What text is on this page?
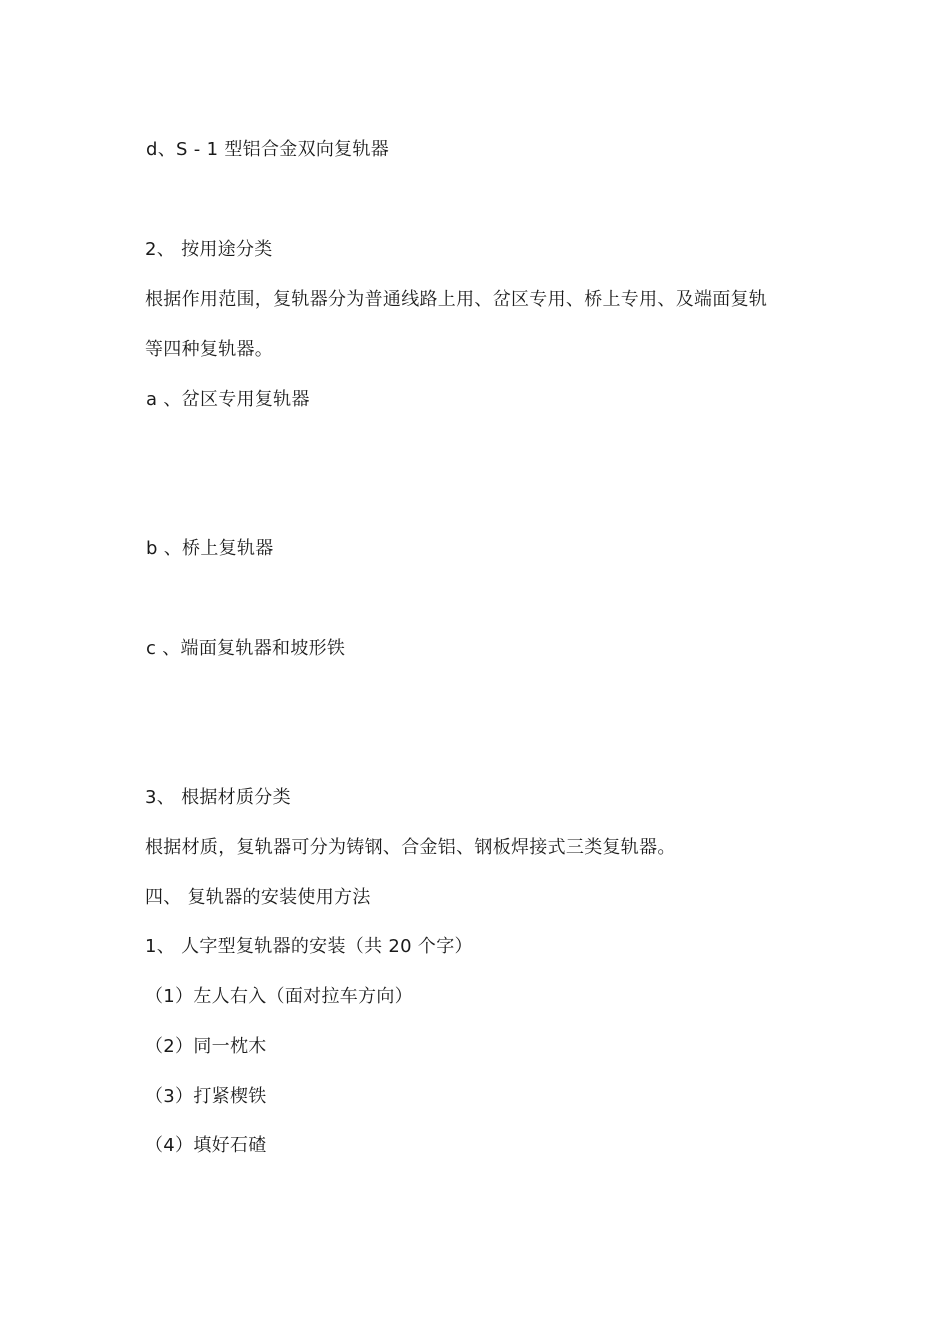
d、S - 1 型铝合金双向复轨器
2、 按用途分类
根据作用范围，复轨器分为普通线路上用、岔区专用、桥上专用、及端面复轨
等四种复轨器。
a 、岔区专用复轨器
b 、桥上复轨器
c 、端面复轨器和坡形铁
3、 根据材质分类
根据材质，复轨器可分为铸钢、合金铝、钢板焊接式三类复轨器。
四、 复轨器的安装使用方法
1、 人字型复轨器的安装（共 20 个字）
（1）左人右入（面对拉车方向）
（2）同一枕木
（3）打紧楔铁
（4）填好石碴
